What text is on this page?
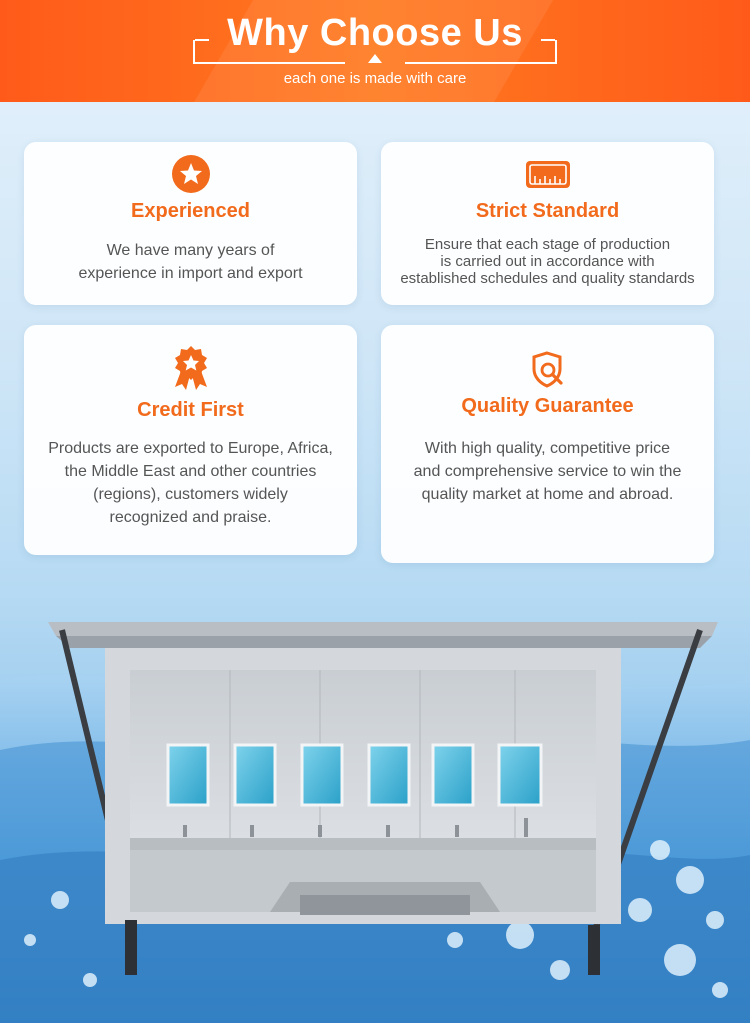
Why Choose Us
each one is made with care
Experienced
We have many years of
experience in import and export
Strict Standard
Ensure that each stage of production
is carried out in accordance with
established schedules and quality standards
Credit First
Products are exported to Europe, Africa,
the Middle East and other countries
(regions), customers widely
recognized and praise.
Quality Guarantee
With high quality, competitive price
and comprehensive service to win the
quality market at home and abroad.
